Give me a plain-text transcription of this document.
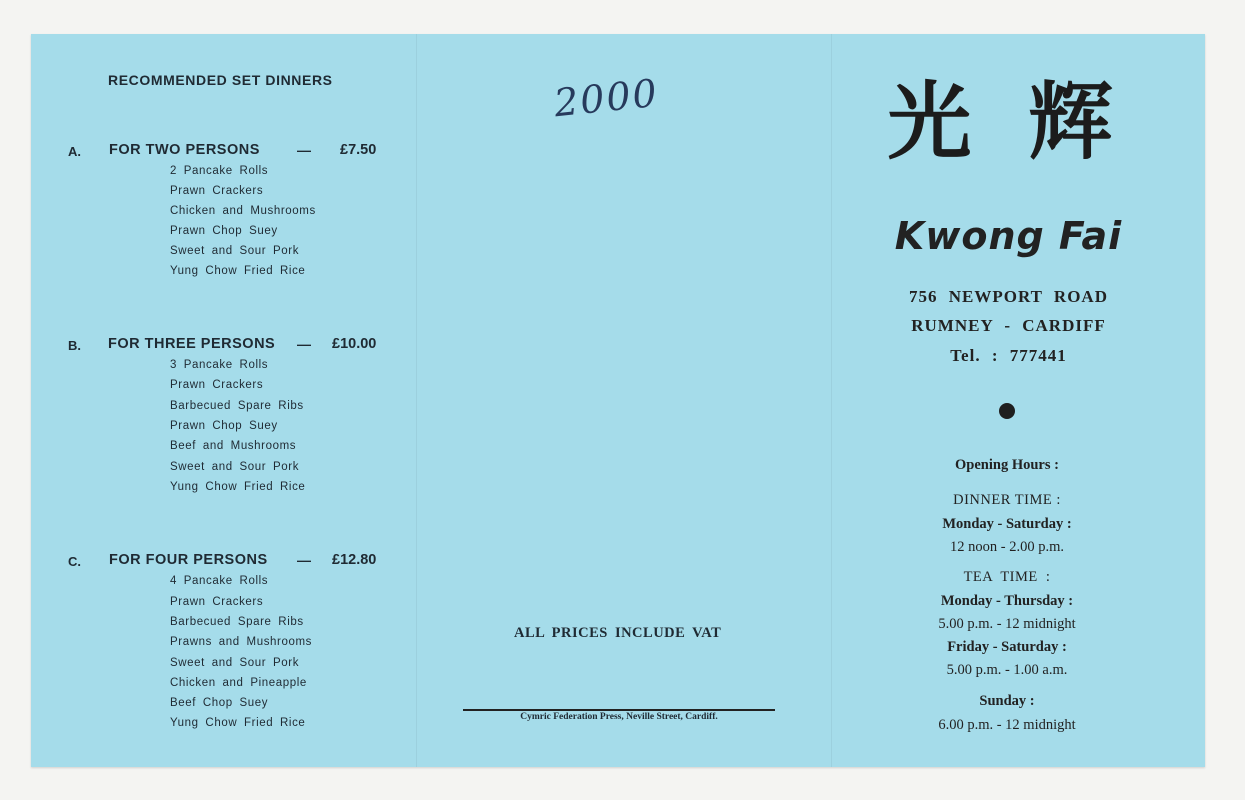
RECOMMENDED SET DINNERS
A. FOR TWO PERSONS	— £7.50
2 Pancake Rolls
Prawn Crackers
Chicken and Mushrooms
Prawn Chop Suey
Sweet and Sour Pork
Yung Chow Fried Rice
B. FOR THREE PERSONS — £10.00
3 Pancake Rolls
Prawn Crackers
Barbecued Spare Ribs
Prawn Chop Suey
Beef and Mushrooms
Sweet and Sour Pork
Yung Chow Fried Rice
C. FOR FOUR PERSONS — £12.80
4 Pancake Rolls
Prawn Crackers
Barbecued Spare Ribs
Prawns and Mushrooms
Sweet and Sour Pork
Chicken and Pineapple
Beef Chop Suey
Yung Chow Fried Rice
2000
ALL PRICES INCLUDE VAT
Cymric Federation Press, Neville Street, Cardiff.
光 辉
Kwong Fai
756 NEWPORT ROAD
RUMNEY - CARDIFF
Tel. : 777441
Opening Hours :
DINNER TIME :
Monday - Saturday :
12 noon - 2.00 p.m.
TEA TIME :
Monday - Thursday :
5.00 p.m. - 12 midnight
Friday - Saturday :
5.00 p.m. - 1.00 a.m.
Sunday :
6.00 p.m. - 12 midnight
